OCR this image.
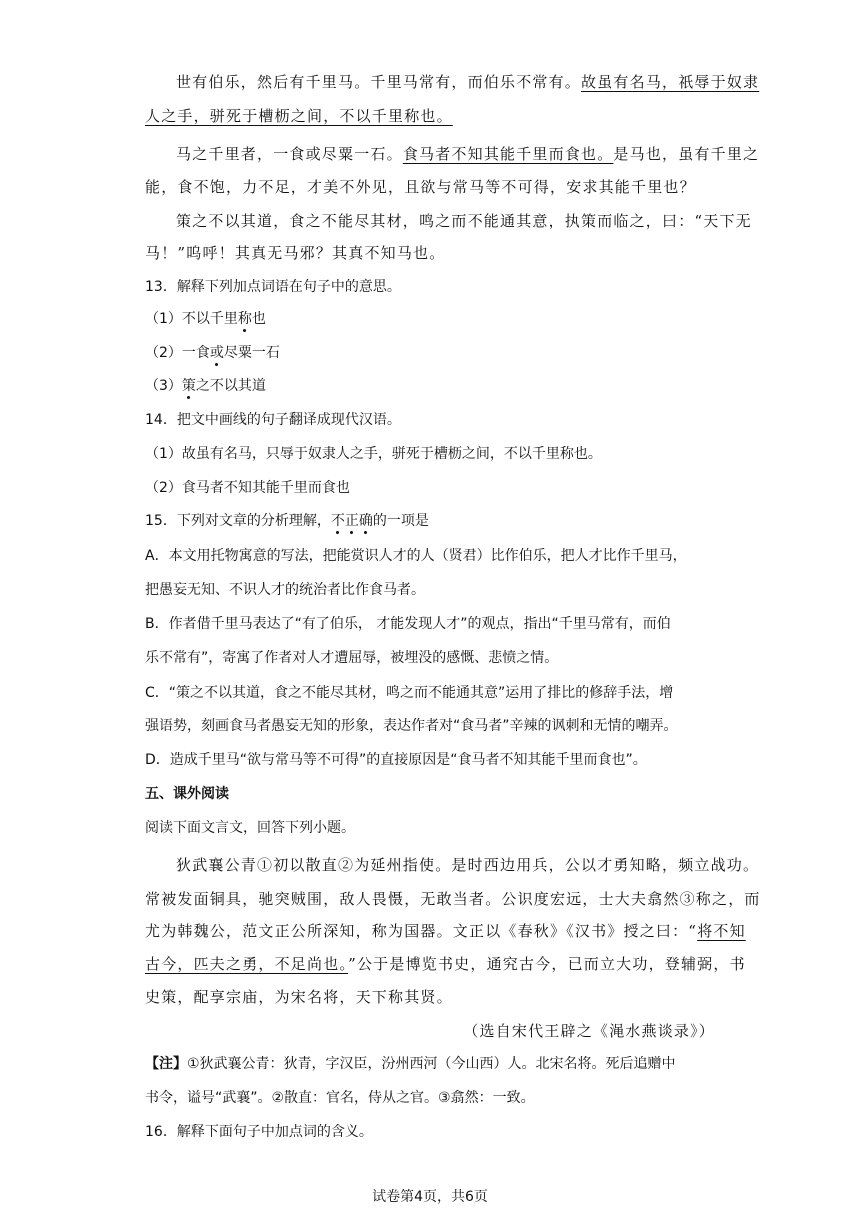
世有伯乐，然后有千里马。千里马常有，而伯乐不常有。故虽有名马，祇辱于奴隶
人之手，骈死于槽枥之间，不以千里称也。
马之千里者，一食或尽粟一石。食马者不知其能千里而食也。是马也，虽有千里之
能，食不饱，力不足，才美不外见，且欲与常马等不可得，安求其能千里也？
策之不以其道，食之不能尽其材，鸣之而不能通其意，执策而临之，曰：“天下无
马！”呜呼！其真无马邪？其真不知马也。
13．解释下列加点词语在句子中的意思。
（1）不以千里称也
（2）一食或尽粟一石
（3）策之不以其道
14．把文中画线的句子翻译成现代汉语。
（1）故虽有名马，只辱于奴隶人之手，骈死于槽枥之间，不以千里称也。
（2）食马者不知其能千里而食也
15．下列对文章的分析理解，不正确的一项是
A．本文用托物寓意的写法，把能赏识人才的人（贤君）比作伯乐，把人才比作千里马，
把愚妄无知、不识人才的统治者比作食马者。
B．作者借千里马表达了“有了伯乐， 才能发现人才”的观点，指出“千里马常有，而伯
乐不常有”，寄寓了作者对人才遭屈辱，被埋没的感慨、悲愤之情。
C．“策之不以其道，食之不能尽其材，鸣之而不能通其意”运用了排比的修辞手法，增
强语势，刻画食马者愚妄无知的形象，表达作者对“食马者”辛辣的讽刺和无情的嘲弄。
D．造成千里马“欲与常马等不可得”的直接原因是“食马者不知其能千里而食也”。
五、课外阅读
阅读下面文言文，回答下列小题。
狄武襄公青①初以散直②为延州指使。是时西边用兵，公以才勇知略，频立战功。
常被发面铜具，驰突贼围，敌人畏慑，无敢当者。公识度宏远，士大夫翕然③称之，而
尤为韩魏公，范文正公所深知，称为国器。文正以《春秋》《汉书》授之曰：“将不知
古今，匹夫之勇，不足尚也。”公于是博览书史，通究古今，已而立大功，登辅弼，书
史策，配享宗庙，为宋名将，天下称其贤。
（选自宋代王辟之《渑水燕谈录》）
【注】①狄武襄公青：狄青，字汉臣，汾州西河（今山西）人。北宋名将。死后追赠中
书令，谥号“武襄”。②散直：官名，侍从之官。③翕然：一致。
16．解释下面句子中加点词的含义。
试卷第4页，共6页
